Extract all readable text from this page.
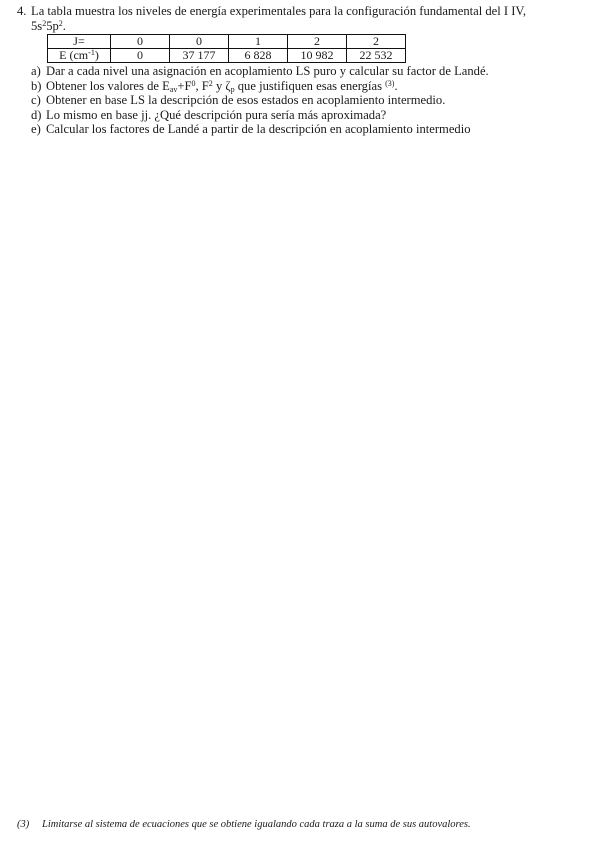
4. La tabla muestra los niveles de energía experimentales para la configuración fundamental del I IV,
$5s^25p^2$.
J=	0	0	1	2	2
E $(cm^{-1})$	0	37 177	6 828	10 982	22 532
a) Dar a cada nivel una asignación en acoplamiento LS puro y calcular su factor de Landé.
b) Obtener los valores de $E_{av}+F^0$, $F^2$ y $\zeta_p$ que justifiquen esas energías $^{(3)}$.
c) Obtener en base LS la descripción de esos estados en acoplamiento intermedio.
d) Lo mismo en base jj. ¿Qué descripción pura sería más aproximada?
e) Calcular los factores de Landé a partir de la descripción en acoplamiento intermedio
(3)	Limitarse al sistema de ecuaciones que se obtiene igualando cada traza a la suma de sus autovalores.
